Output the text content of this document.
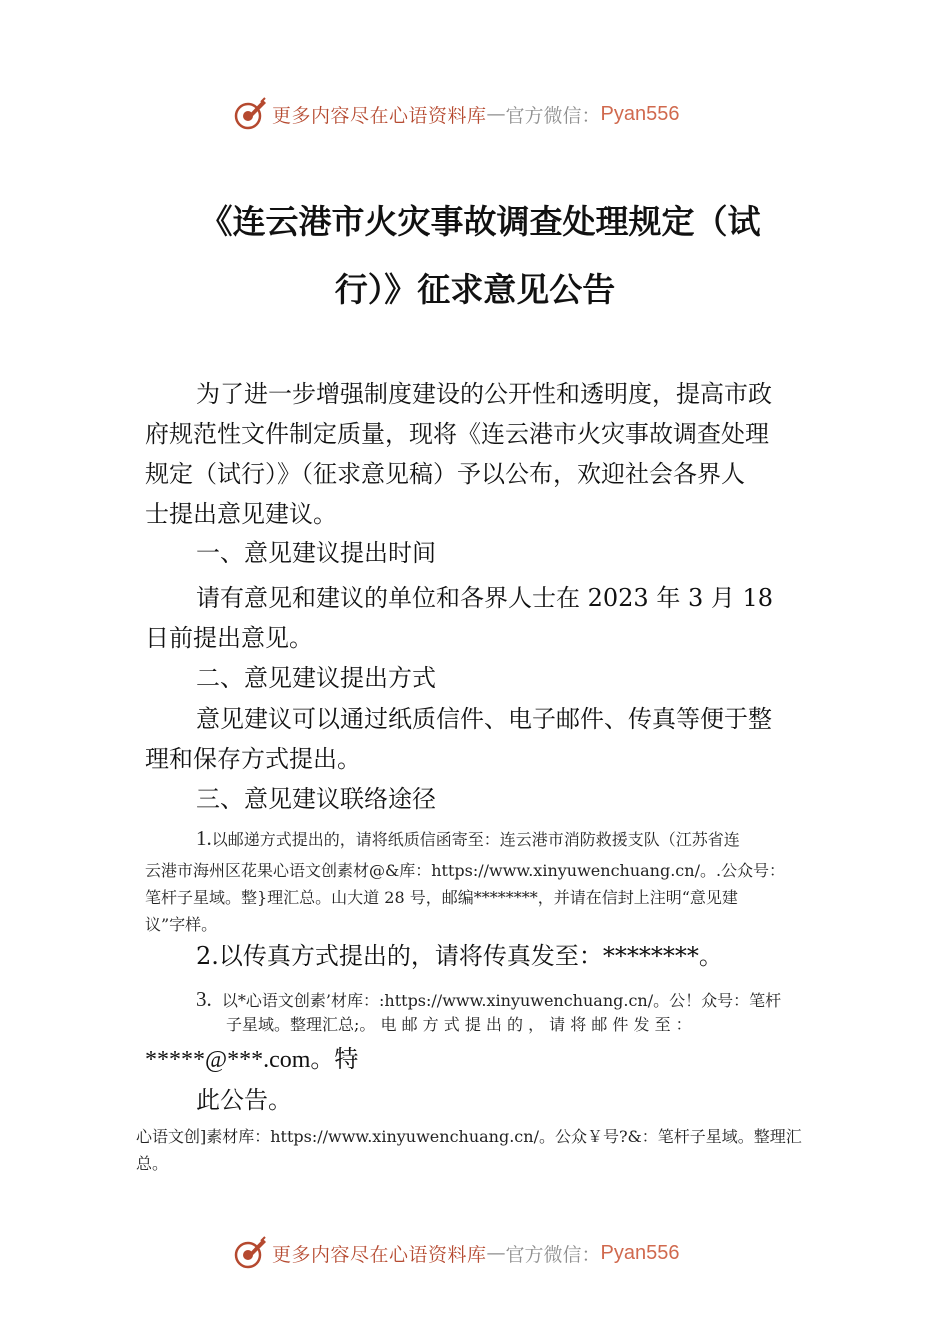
更多内容尽在心语资料库 — 官方微信： Pyan556
《连云港市火灾事故调查处理规定（试
行）》征求意见公告
为了进一步增强制度建设的公开性和透明度，提高市政
府规范性文件制定质量，现将《连云港市火灾事故调查处理
规定（试行）》（征求意见稿）予以公布，欢迎社会各界人
士提出意见建议。
一、意见建议提出时间
请有意见和建议的单位和各界人士在 2023 年 3 月 18
日前提出意见。
二、意见建议提出方式
意见建议可以通过纸质信件、电子邮件、传真等便于整
理和保存方式提出。
三、意见建议联络途径
1.以邮递方式提出的，请将纸质信函寄至：连云港市消防救援支队（江苏省连
云港市海州区花果心语文创素材@&库：https://www.xinyuwenchuang.cn/。.公众号：
笔杆子星域。整}理汇总。山大道 28 号，邮编********，并请在信封上注明“意见建
议”字样。
2.以传真方式提出的，请将传真发至：********。
3. 以*心语文创素’材库：:https://www.xinyuwenchuang.cn/。公！众号：笔杆
子星域。整理汇总;。 电 邮 方 式 提 出 的 ， 请 将 邮 件 发 至 ：
*****@***.com。特
此公告。
心语文创]素材库：https://www.xinyuwenchuang.cn/。公众￥号?&：笔杆子星域。整理汇
总。
更多内容尽在心语资料库 — 官方微信： Pyan556
